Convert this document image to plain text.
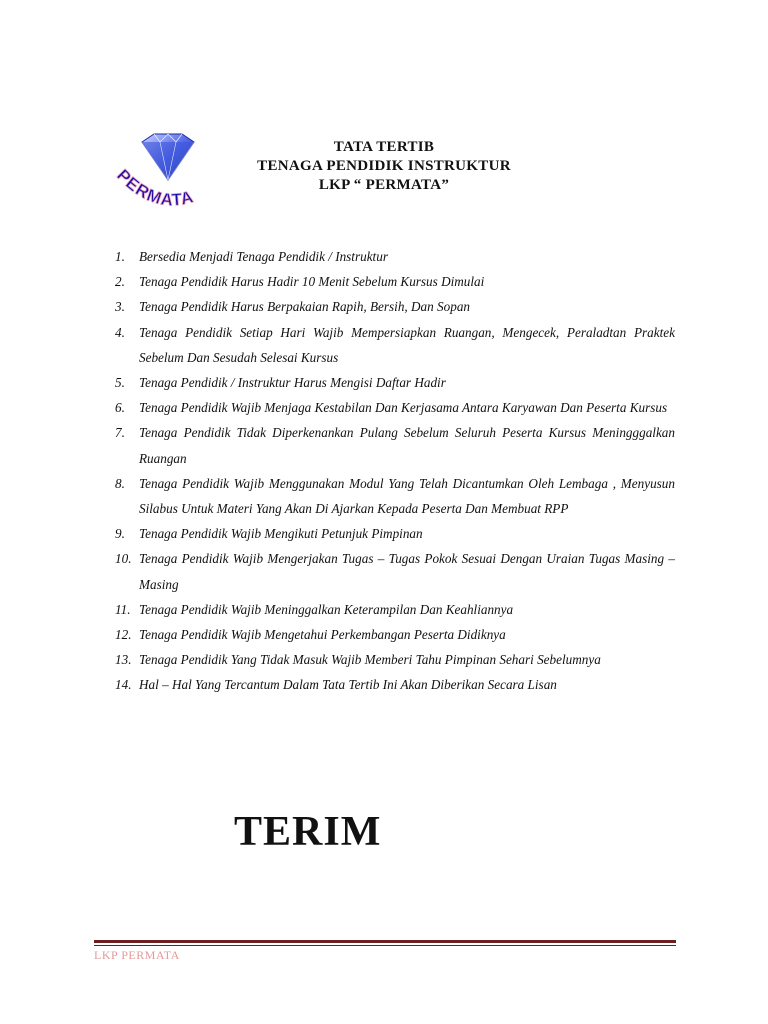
PERMATA
TATA TERTIB
TENAGA PENDIDIK INSTRUKTUR
LKP “ PERMATA”
1. Bersedia Menjadi Tenaga Pendidik / Instruktur
2. Tenaga Pendidik Harus Hadir 10 Menit Sebelum Kursus Dimulai
3. Tenaga Pendidik Harus Berpakaian Rapih, Bersih, Dan Sopan
4. Tenaga Pendidik Setiap Hari Wajib Mempersiapkan Ruangan, Mengecek, Peraladtan Praktek Sebelum Dan Sesudah Selesai Kursus
5. Tenaga Pendidik / Instruktur Harus Mengisi Daftar Hadir
6. Tenaga Pendidik Wajib Menjaga Kestabilan Dan Kerjasama Antara Karyawan Dan Peserta Kursus
7. Tenaga Pendidik Tidak Diperkenankan Pulang Sebelum Seluruh Peserta Kursus Meningggalkan Ruangan
8. Tenaga Pendidik Wajib Menggunakan Modul Yang Telah Dicantumkan Oleh Lembaga , Menyusun Silabus Untuk Materi Yang Akan Di Ajarkan Kepada Peserta Dan Membuat RPP
9. Tenaga Pendidik Wajib Mengikuti Petunjuk Pimpinan
10. Tenaga Pendidik Wajib Mengerjakan Tugas – Tugas Pokok Sesuai Dengan Uraian Tugas Masing – Masing
11. Tenaga Pendidik Wajib Meninggalkan Keterampilan Dan Keahliannya
12. Tenaga Pendidik Wajib Mengetahui Perkembangan Peserta Didiknya
13. Tenaga Pendidik Yang Tidak Masuk Wajib Memberi Tahu Pimpinan Sehari Sebelumnya
14. Hal – Hal Yang Tercantum Dalam Tata Tertib Ini Akan Diberikan Secara Lisan
TERIM
LKP PERMATA
